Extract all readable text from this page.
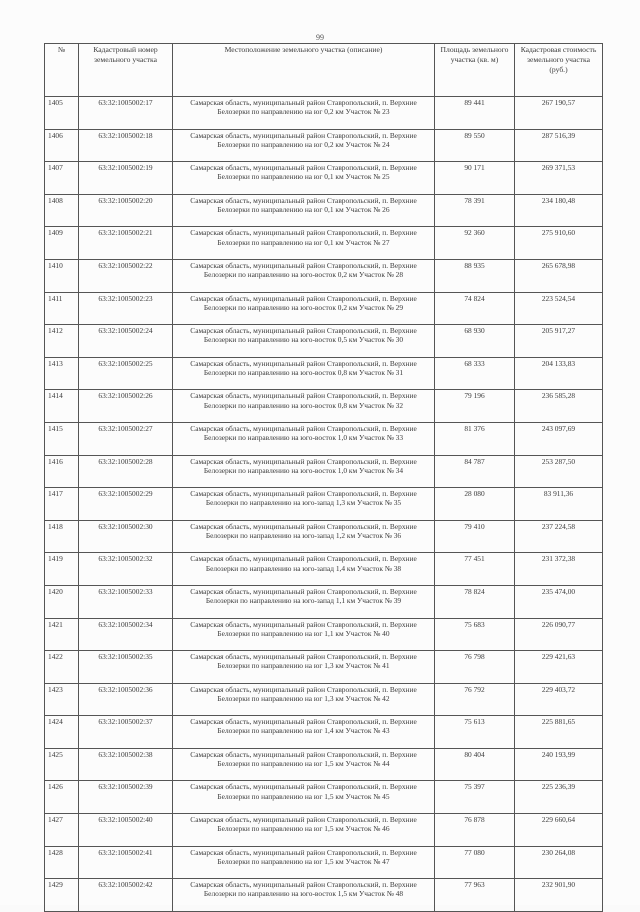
99
№	Кадастровый номер земельного участка	Местоположение земельного участка (описание)	Площадь земельного участка (кв. м)	Кадастровая стоимость земельного участка (руб.)
1405	63:32:1005002:17	Самарская область, муниципальный район Ставропольский, п. Верхние Белозерки по направлению на юг 0,2 км Участок № 23	89 441	267 190,57
1406	63:32:1005002:18	Самарская область, муниципальный район Ставропольский, п. Верхние Белозерки по направлению на юг 0,2 км Участок № 24	89 550	287 516,39
1407	63:32:1005002:19	Самарская область, муниципальный район Ставропольский, п. Верхние Белозерки по направлению на юг 0,1 км Участок № 25	90 171	269 371,53
1408	63:32:1005002:20	Самарская область, муниципальный район Ставропольский, п. Верхние Белозерки по направлению на юг 0,1 км Участок № 26	78 391	234 180,48
1409	63:32:1005002:21	Самарская область, муниципальный район Ставропольский, п. Верхние Белозерки по направлению на юг 0,1 км Участок № 27	92 360	275 910,60
1410	63:32:1005002:22	Самарская область, муниципальный район Ставропольский, п. Верхние Белозерки по направлению на юго-восток 0,2 км Участок № 28	88 935	265 678,98
1411	63:32:1005002:23	Самарская область, муниципальный район Ставропольский, п. Верхние Белозерки по направлению на юго-восток 0,2 км Участок № 29	74 824	223 524,54
1412	63:32:1005002:24	Самарская область, муниципальный район Ставропольский, п. Верхние Белозерки по направлению на юго-восток 0,5 км Участок № 30	68 930	205 917,27
1413	63:32:1005002:25	Самарская область, муниципальный район Ставропольский, п. Верхние Белозерки по направлению на юго-восток 0,8 км Участок № 31	68 333	204 133,83
1414	63:32:1005002:26	Самарская область, муниципальный район Ставропольский, п. Верхние Белозерки по направлению на юго-восток 0,8 км Участок № 32	79 196	236 585,28
1415	63:32:1005002:27	Самарская область, муниципальный район Ставропольский, п. Верхние Белозерки по направлению на юго-восток 1,0 км Участок № 33	81 376	243 097,69
1416	63:32:1005002:28	Самарская область, муниципальный район Ставропольский, п. Верхние Белозерки по направлению на юго-восток 1,0 км Участок № 34	84 787	253 287,50
1417	63:32:1005002:29	Самарская область, муниципальный район Ставропольский, п. Верхние Белозерки по направлению на юго-запад 1,3 км Участок № 35	28 080	83 911,36
1418	63:32:1005002:30	Самарская область, муниципальный район Ставропольский, п. Верхние Белозерки по направлению на юго-запад 1,2 км Участок № 36	79 410	237 224,58
1419	63:32:1005002:32	Самарская область, муниципальный район Ставропольский, п. Верхние Белозерки по направлению на юго-запад 1,4 км Участок № 38	77 451	231 372,38
1420	63:32:1005002:33	Самарская область, муниципальный район Ставропольский, п. Верхние Белозерки по направлению на юго-запад 1,1 км Участок № 39	78 824	235 474,00
1421	63:32:1005002:34	Самарская область, муниципальный район Ставропольский, п. Верхние Белозерки по направлению на юг 1,1 км Участок № 40	75 683	226 090,77
1422	63:32:1005002:35	Самарская область, муниципальный район Ставропольский, п. Верхние Белозерки по направлению на юг 1,3 км Участок № 41	76 798	229 421,63
1423	63:32:1005002:36	Самарская область, муниципальный район Ставропольский, п. Верхние Белозерки по направлению на юг 1,3 км Участок № 42	76 792	229 403,72
1424	63:32:1005002:37	Самарская область, муниципальный район Ставропольский, п. Верхние Белозерки по направлению на юг 1,4 км Участок № 43	75 613	225 881,65
1425	63:32:1005002:38	Самарская область, муниципальный район Ставропольский, п. Верхние Белозерки по направлению на юг 1,5 км Участок № 44	80 404	240 193,99
1426	63:32:1005002:39	Самарская область, муниципальный район Ставропольский, п. Верхние Белозерки по направлению на юг 1,5 км Участок № 45	75 397	225 236,39
1427	63:32:1005002:40	Самарская область, муниципальный район Ставропольский, п. Верхние Белозерки по направлению на юг 1,5 км Участок № 46	76 878	229 660,64
1428	63:32:1005002:41	Самарская область, муниципальный район Ставропольский, п. Верхние Белозерки по направлению на юг 1,5 км Участок № 47	77 080	230 264,08
1429	63:32:1005002:42	Самарская область, муниципальный район Ставропольский, п. Верхние Белозерки по направлению на юго-восток 1,5 км Участок № 48	77 963	232 901,90
